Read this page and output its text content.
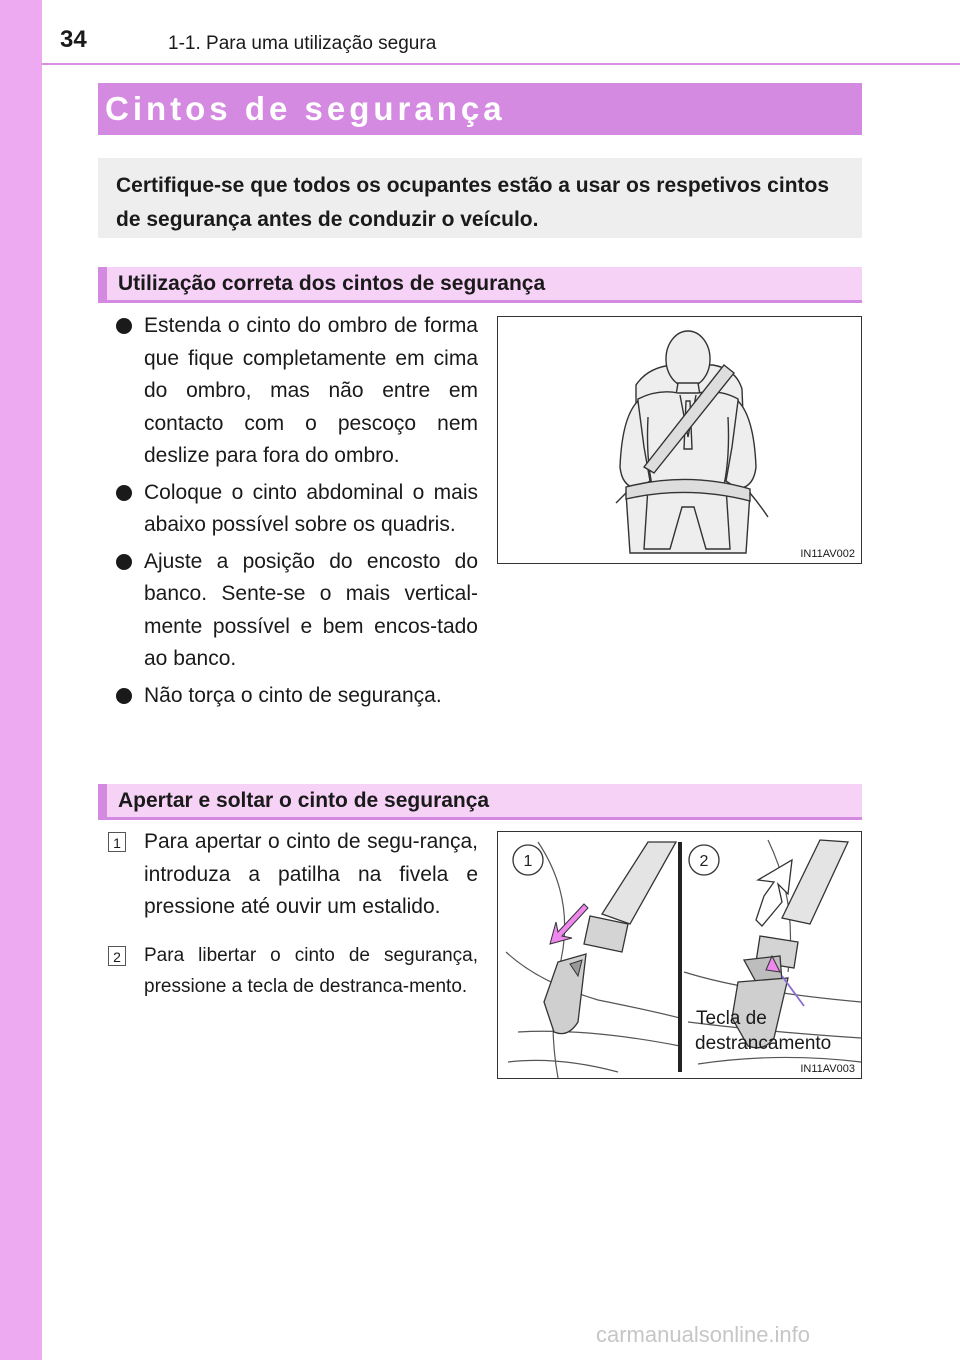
34	1-1. Para uma utilização segura
Cintos de segurança
Certifique-se que todos os ocupantes estão a usar os respetivos cintos de segurança antes de conduzir o veículo.
Utilização correta dos cintos de segurança
Estenda o cinto do ombro de forma que fique completamente em cima do ombro, mas não entre em contacto com o pescoço nem deslize para fora do ombro.
Coloque o cinto abdominal o mais abaixo possível sobre os quadris.
Ajuste a posição do encosto do banco. Sente-se o mais vertical-mente possível e bem encos-tado ao banco.
Não torça o cinto de segurança.
IN11AV002
Apertar e soltar o cinto de segurança
1 Para apertar o cinto de segu-rança, introduza a patilha na fivela e pressione até ouvir um estalido.
2 Para libertar o cinto de segurança, pressione a tecla de destranca-mento.
1	2
Tecla de
destrancamento
IN11AV003
carmanualsonline.info
